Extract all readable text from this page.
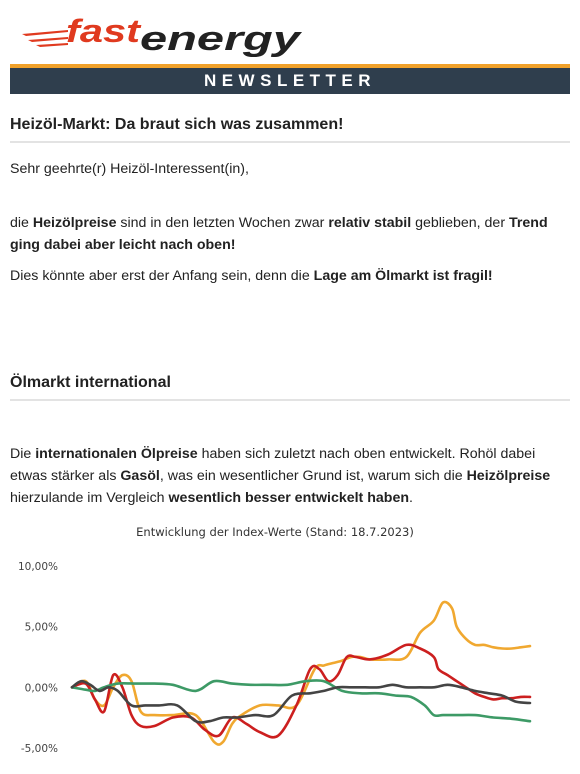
fast
energy
NEWSLETTER
Heizöl-Markt: Da braut sich was zusammen!
Sehr geehrte(r) Heizöl-Interessent(in),
die Heizölpreise sind in den letzten Wochen zwar relativ stabil geblieben, der Trend ging dabei aber leicht nach oben!
Dies könnte aber erst der Anfang sein, denn die Lage am Ölmarkt ist fragil!
Ölmarkt international
Die internationalen Ölpreise haben sich zuletzt nach oben entwickelt. Rohöl dabei etwas stärker als Gasöl, was ein wesentlicher Grund ist, warum sich die Heizölpreise hierzulande im Vergleich wesentlich besser entwickelt haben.
Entwicklung der Index-Werte (Stand: 18.7.2023)
10,00%
5,00%
0,00%
-5,00%
